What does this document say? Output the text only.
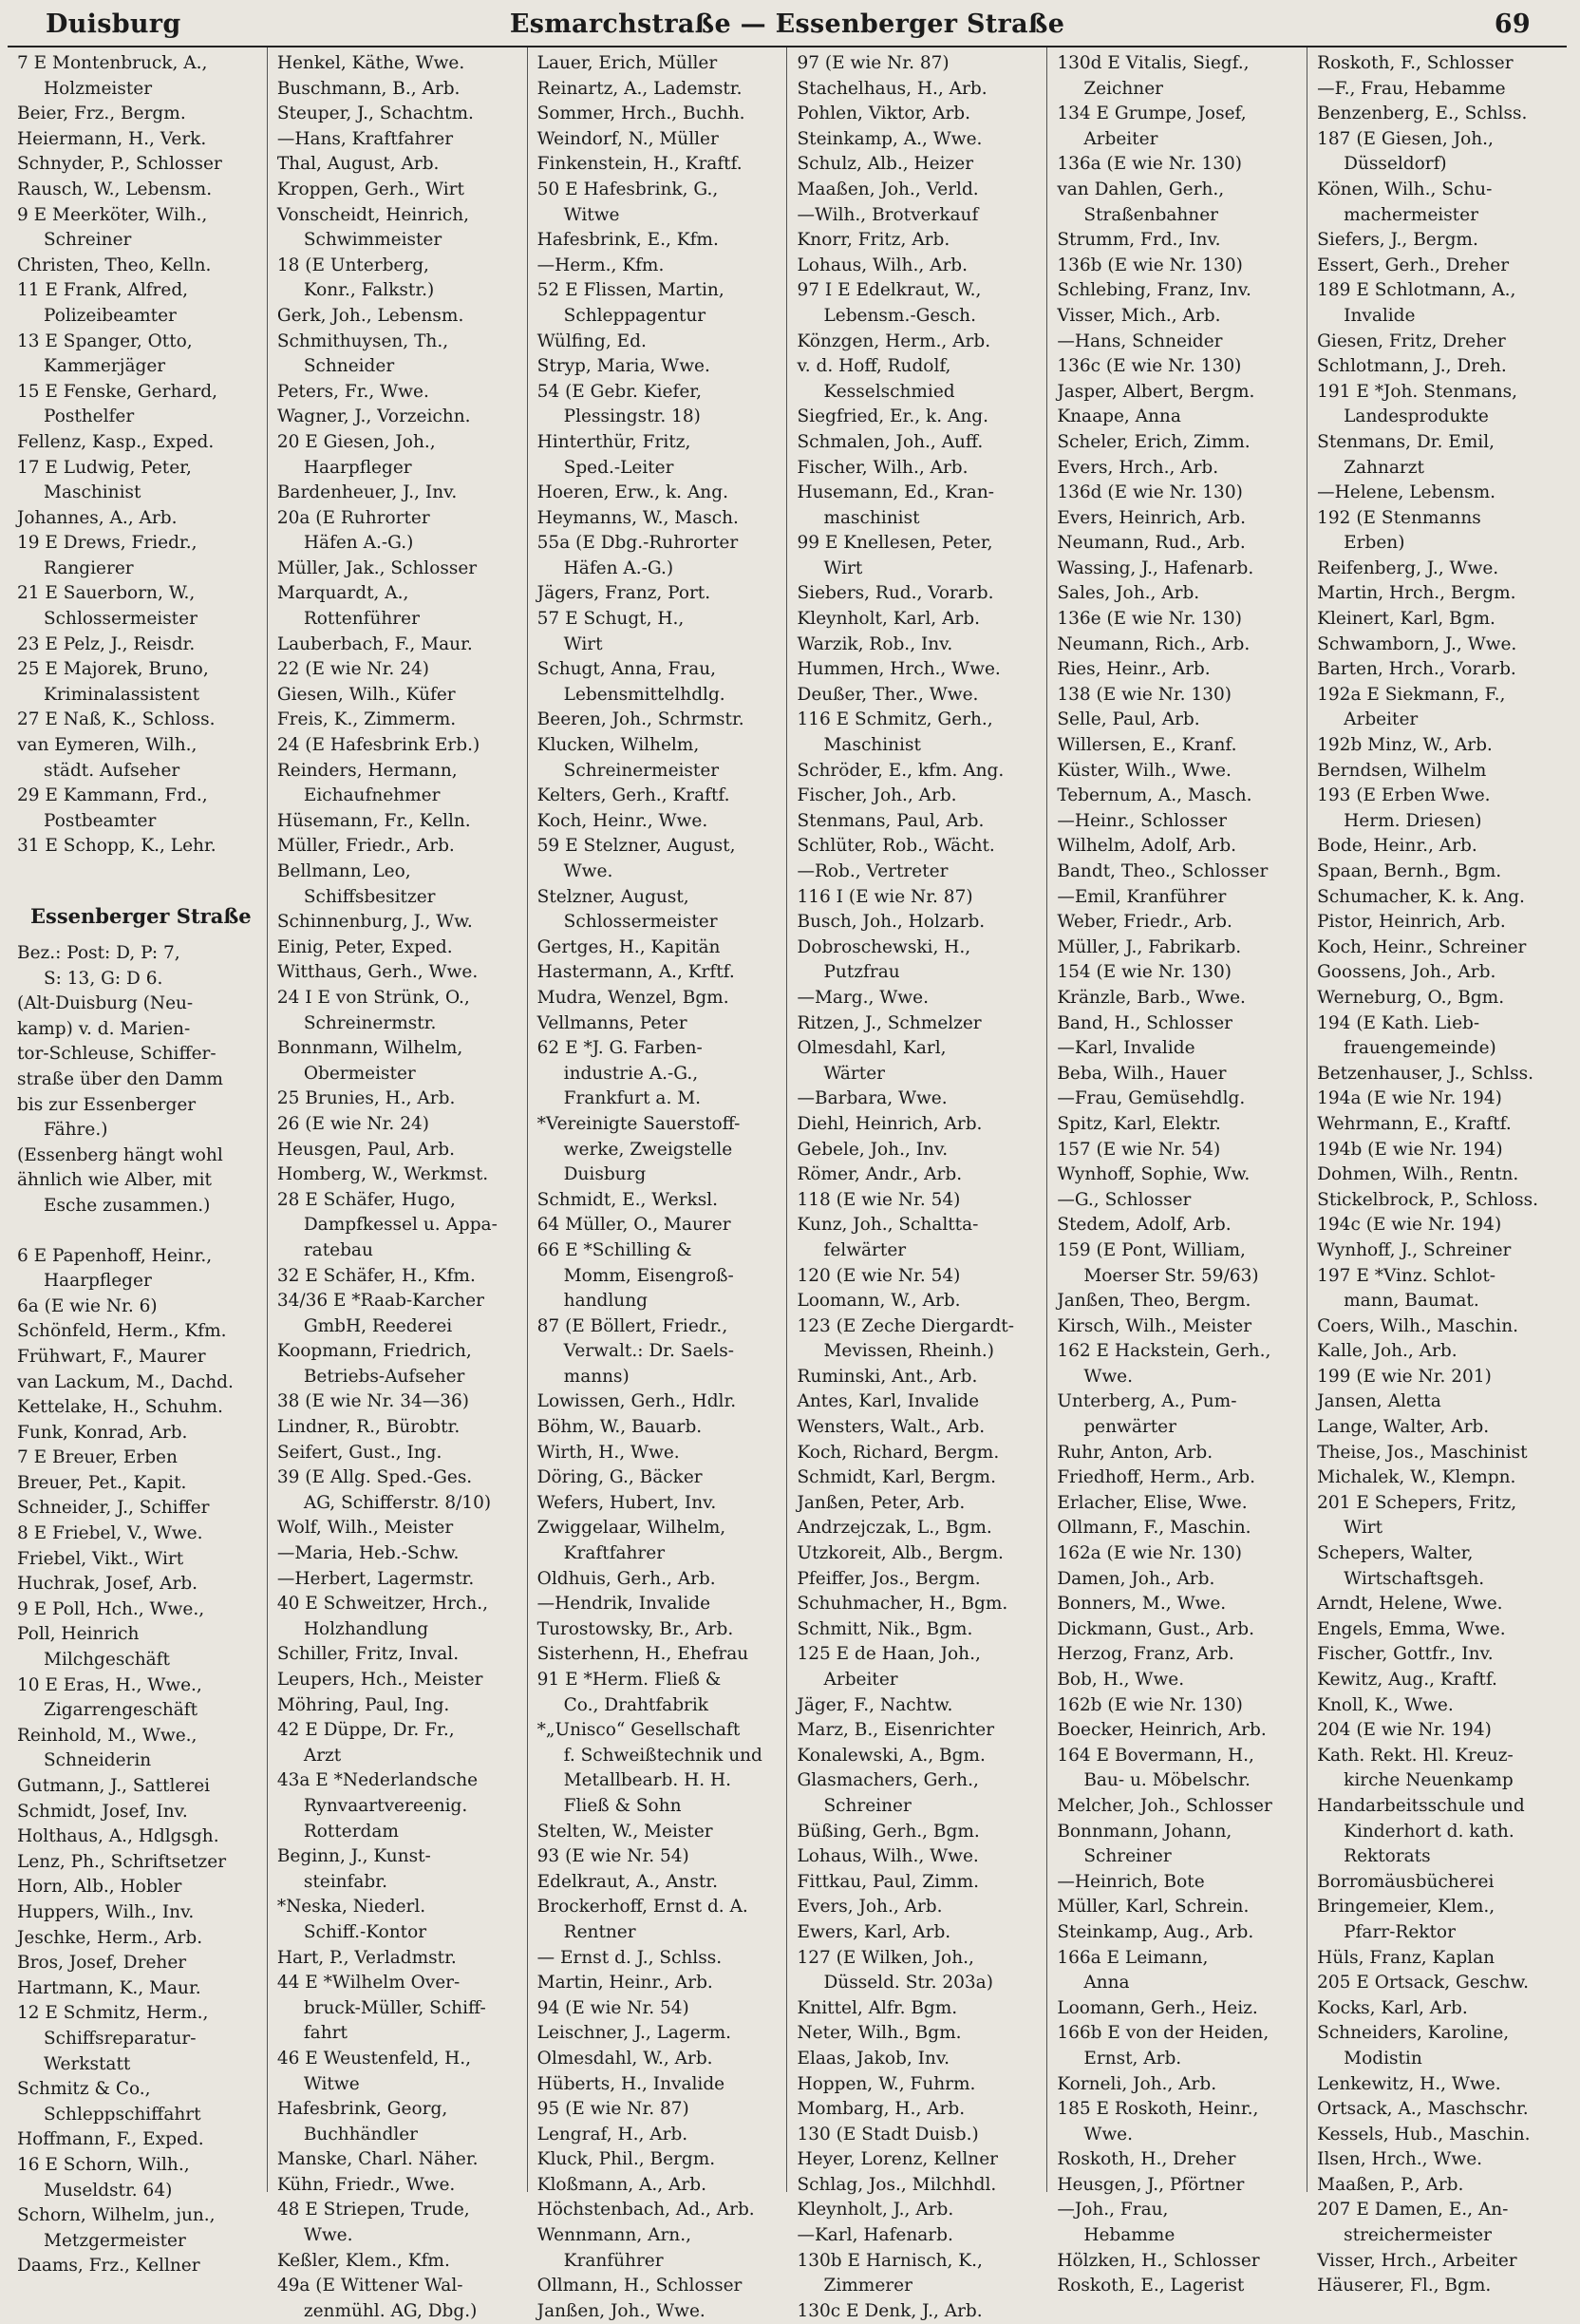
Duisburg	Esmarchstraße — Essenberger Straße	69
7 E Montenbruck, A.,
Holzmeister
Beier, Frz., Bergm.
Heiermann, H., Verk.
Schnyder, P., Schlosser
Rausch, W., Lebensm.
9 E Meerköter, Wilh.,
Schreiner
Christen, Theo, Kelln.
11 E Frank, Alfred,
Polizeibeamter
13 E Spanger, Otto,
Kammerjäger
15 E Fenske, Gerhard,
Posthelfer
Fellenz, Kasp., Exped.
17 E Ludwig, Peter,
Maschinist
Johannes, A., Arb.
19 E Drews, Friedr.,
Rangierer
21 E Sauerborn, W.,
Schlossermeister
23 E Pelz, J., Reisdr.
25 E Majorek, Bruno,
Kriminalassistent
27 E Naß, K., Schloss.
van Eymeren, Wilh.,
städt. Aufseher
29 E Kammann, Frd.,
Postbeamter
31 E Schopp, K., Lehr.
Essenberger Straße
Bez.: Post: D, P: 7,
S: 13, G: D 6.
(Alt-Duisburg (Neu-
kamp) v. d. Marien-
tor-Schleuse, Schiffer-
straße über den Damm
bis zur Essenberger
Fähre.)
(Essenberg hängt wohl
ähnlich wie Alber, mit
Esche zusammen.)
6 E Papenhoff, Heinr.,
Haarpfleger
6a (E wie Nr. 6)
Schönfeld, Herm., Kfm.
Frühwart, F., Maurer
van Lackum, M., Dachd.
Kettelake, H., Schuhm.
Funk, Konrad, Arb.
7 E Breuer, Erben
Breuer, Pet., Kapit.
Schneider, J., Schiffer
8 E Friebel, V., Wwe.
Friebel, Vikt., Wirt
Huchrak, Josef, Arb.
9 E Poll, Hch., Wwe.,
Poll, Heinrich
Milchgeschäft
10 E Eras, H., Wwe.,
Zigarrengeschäft
Reinhold, M., Wwe.,
Schneiderin
Gutmann, J., Sattlerei
Schmidt, Josef, Inv.
Holthaus, A., Hdlgsgh.
Lenz, Ph., Schriftsetzer
Horn, Alb., Hobler
Huppers, Wilh., Inv.
Jeschke, Herm., Arb.
Bros, Josef, Dreher
Hartmann, K., Maur.
12 E Schmitz, Herm.,
Schiffsreparatur-
Werkstatt
Schmitz & Co.,
Schleppschiffahrt
Hoffmann, F., Exped.
16 E Schorn, Wilh.,
Museldstr. 64)
Schorn, Wilhelm, jun.,
Metzgermeister
Daams, Frz., Kellner
Henkel, Käthe, Wwe.
Buschmann, B., Arb.
Steuper, J., Schachtm.
—Hans, Kraftfahrer
Thal, August, Arb.
Kroppen, Gerh., Wirt
Vonscheidt, Heinrich,
Schwimmeister
18 (E Unterberg,
Konr., Falkstr.)
Gerk, Joh., Lebensm.
Schmithuysen, Th.,
Schneider
Peters, Fr., Wwe.
Wagner, J., Vorzeichn.
20 E Giesen, Joh.,
Haarpfleger
Bardenheuer, J., Inv.
20a (E Ruhrorter
Häfen A.-G.)
Müller, Jak., Schlosser
Marquardt, A.,
Rottenführer
Lauberbach, F., Maur.
22 (E wie Nr. 24)
Giesen, Wilh., Küfer
Freis, K., Zimmerm.
24 (E Hafesbrink Erb.)
Reinders, Hermann,
Eichaufnehmer
Hüsemann, Fr., Kelln.
Müller, Friedr., Arb.
Bellmann, Leo,
Schiffsbesitzer
Schinnenburg, J., Ww.
Einig, Peter, Exped.
Witthaus, Gerh., Wwe.
24 I E von Strünk, O.,
Schreinermstr.
Bonnmann, Wilhelm,
Obermeister
25 Brunies, H., Arb.
26 (E wie Nr. 24)
Heusgen, Paul, Arb.
Homberg, W., Werkmst.
28 E Schäfer, Hugo,
Dampfkessel u. Appa-
ratebau
32 E Schäfer, H., Kfm.
34/36 E *Raab-Karcher
GmbH, Reederei
Koopmann, Friedrich,
Betriebs-Aufseher
38 (E wie Nr. 34—36)
Lindner, R., Bürobtr.
Seifert, Gust., Ing.
39 (E Allg. Sped.-Ges.
AG, Schifferstr. 8/10)
Wolf, Wilh., Meister
—Maria, Heb.-Schw.
—Herbert, Lagermstr.
40 E Schweitzer, Hrch.,
Holzhandlung
Schiller, Fritz, Inval.
Leupers, Hch., Meister
Möhring, Paul, Ing.
42 E Düppe, Dr. Fr.,
Arzt
43a E *Nederlandsche
Rynvaartvereenig.
Rotterdam
Beginn, J., Kunst-
steinfabr.
*Neska, Niederl.
Schiff.-Kontor
Hart, P., Verladmstr.
44 E *Wilhelm Over-
bruck-Müller, Schiff-
fahrt
46 E Weustenfeld, H.,
Witwe
Hafesbrink, Georg,
Buchhändler
Manske, Charl. Näher.
Kühn, Friedr., Wwe.
48 E Striepen, Trude,
Wwe.
Keßler, Klem., Kfm.
49a (E Wittener Wal-
zenmühl. AG, Dbg.)
Lauer, Erich, Müller
Reinartz, A., Lademstr.
Sommer, Hrch., Buchh.
Weindorf, N., Müller
Finkenstein, H., Kraftf.
50 E Hafesbrink, G.,
Witwe
Hafesbrink, E., Kfm.
—Herm., Kfm.
52 E Flissen, Martin,
Schleppagentur
Wülfing, Ed.
Stryp, Maria, Wwe.
54 (E Gebr. Kiefer,
Plessingstr. 18)
Hinterthür, Fritz,
Sped.-Leiter
Hoeren, Erw., k. Ang.
Heymanns, W., Masch.
55a (E Dbg.-Ruhrorter
Häfen A.-G.)
Jägers, Franz, Port.
57 E Schugt, H.,
Wirt
Schugt, Anna, Frau,
Lebensmittelhdlg.
Beeren, Joh., Schrmstr.
Klucken, Wilhelm,
Schreinermeister
Kelters, Gerh., Kraftf.
Koch, Heinr., Wwe.
59 E Stelzner, August,
Wwe.
Stelzner, August,
Schlossermeister
Gertges, H., Kapitän
Hastermann, A., Krftf.
Mudra, Wenzel, Bgm.
Vellmanns, Peter
62 E *J. G. Farben-
industrie A.-G.,
Frankfurt a. M.
*Vereinigte Sauerstoff-
werke, Zweigstelle
Duisburg
Schmidt, E., Werksl.
64 Müller, O., Maurer
66 E *Schilling &
Momm, Eisengroß-
handlung
87 (E Böllert, Friedr.,
Verwalt.: Dr. Saels-
manns)
Lowissen, Gerh., Hdlr.
Böhm, W., Bauarb.
Wirth, H., Wwe.
Döring, G., Bäcker
Wefers, Hubert, Inv.
Zwiggelaar, Wilhelm,
Kraftfahrer
Oldhuis, Gerh., Arb.
—Hendrik, Invalide
Turostowsky, Br., Arb.
Sisterhenn, H., Ehefrau
91 E *Herm. Fließ &
Co., Drahtfabrik
*„Unisco“ Gesellschaft
f. Schweißtechnik und
Metallbearb. H. H.
Fließ & Sohn
Stelten, W., Meister
93 (E wie Nr. 54)
Edelkraut, A., Anstr.
Brockerhoff, Ernst d. A.
Rentner
— Ernst d. J., Schlss.
Martin, Heinr., Arb.
94 (E wie Nr. 54)
Leischner, J., Lagerm.
Olmesdahl, W., Arb.
Hüberts, H., Invalide
95 (E wie Nr. 87)
Lengraf, H., Arb.
Kluck, Phil., Bergm.
Kloßmann, A., Arb.
Höchstenbach, Ad., Arb.
Wennmann, Arn.,
Kranführer
Ollmann, H., Schlosser
Janßen, Joh., Wwe.
97 (E wie Nr. 87)
Stachelhaus, H., Arb.
Pohlen, Viktor, Arb.
Steinkamp, A., Wwe.
Schulz, Alb., Heizer
Maaßen, Joh., Verld.
—Wilh., Brotverkauf
Knorr, Fritz, Arb.
Lohaus, Wilh., Arb.
97 I E Edelkraut, W.,
Lebensm.-Gesch.
Könzgen, Herm., Arb.
v. d. Hoff, Rudolf,
Kesselschmied
Siegfried, Er., k. Ang.
Schmalen, Joh., Auff.
Fischer, Wilh., Arb.
Husemann, Ed., Kran-
maschinist
99 E Knellesen, Peter,
Wirt
Siebers, Rud., Vorarb.
Kleynholt, Karl, Arb.
Warzik, Rob., Inv.
Hummen, Hrch., Wwe.
Deußer, Ther., Wwe.
116 E Schmitz, Gerh.,
Maschinist
Schröder, E., kfm. Ang.
Fischer, Joh., Arb.
Stenmans, Paul, Arb.
Schlüter, Rob., Wächt.
—Rob., Vertreter
116 I (E wie Nr. 87)
Busch, Joh., Holzarb.
Dobroschewski, H.,
Putzfrau
—Marg., Wwe.
Ritzen, J., Schmelzer
Olmesdahl, Karl,
Wärter
—Barbara, Wwe.
Diehl, Heinrich, Arb.
Gebele, Joh., Inv.
Römer, Andr., Arb.
118 (E wie Nr. 54)
Kunz, Joh., Schaltta-
felwärter
120 (E wie Nr. 54)
Loomann, W., Arb.
123 (E Zeche Diergardt-
Mevissen, Rheinh.)
Ruminski, Ant., Arb.
Antes, Karl, Invalide
Wensters, Walt., Arb.
Koch, Richard, Bergm.
Schmidt, Karl, Bergm.
Janßen, Peter, Arb.
Andrzejczak, L., Bgm.
Utzkoreit, Alb., Bergm.
Pfeiffer, Jos., Bergm.
Schuhmacher, H., Bgm.
Schmitt, Nik., Bgm.
125 E de Haan, Joh.,
Arbeiter
Jäger, F., Nachtw.
Marz, B., Eisenrichter
Konalewski, A., Bgm.
Glasmachers, Gerh.,
Schreiner
Büßing, Gerh., Bgm.
Lohaus, Wilh., Wwe.
Fittkau, Paul, Zimm.
Evers, Joh., Arb.
Ewers, Karl, Arb.
127 (E Wilken, Joh.,
Düsseld. Str. 203a)
Knittel, Alfr. Bgm.
Neter, Wilh., Bgm.
Elaas, Jakob, Inv.
Hoppen, W., Fuhrm.
Mombarg, H., Arb.
130 (E Stadt Duisb.)
Heyer, Lorenz, Kellner
Schlag, Jos., Milchhdl.
Kleynholt, J., Arb.
—Karl, Hafenarb.
130b E Harnisch, K.,
Zimmerer
130c E Denk, J., Arb.
130d E Vitalis, Siegf.,
Zeichner
134 E Grumpe, Josef,
Arbeiter
136a (E wie Nr. 130)
van Dahlen, Gerh.,
Straßenbahner
Strumm, Frd., Inv.
136b (E wie Nr. 130)
Schlebing, Franz, Inv.
Visser, Mich., Arb.
—Hans, Schneider
136c (E wie Nr. 130)
Jasper, Albert, Bergm.
Knaape, Anna
Scheler, Erich, Zimm.
Evers, Hrch., Arb.
136d (E wie Nr. 130)
Evers, Heinrich, Arb.
Neumann, Rud., Arb.
Wassing, J., Hafenarb.
Sales, Joh., Arb.
136e (E wie Nr. 130)
Neumann, Rich., Arb.
Ries, Heinr., Arb.
138 (E wie Nr. 130)
Selle, Paul, Arb.
Willersen, E., Kranf.
Küster, Wilh., Wwe.
Tebernum, A., Masch.
—Heinr., Schlosser
Wilhelm, Adolf, Arb.
Bandt, Theo., Schlosser
—Emil, Kranführer
Weber, Friedr., Arb.
Müller, J., Fabrikarb.
154 (E wie Nr. 130)
Kränzle, Barb., Wwe.
Band, H., Schlosser
—Karl, Invalide
Beba, Wilh., Hauer
—Frau, Gemüsehdlg.
Spitz, Karl, Elektr.
157 (E wie Nr. 54)
Wynhoff, Sophie, Ww.
—G., Schlosser
Stedem, Adolf, Arb.
159 (E Pont, William,
Moerser Str. 59/63)
Janßen, Theo, Bergm.
Kirsch, Wilh., Meister
162 E Hackstein, Gerh.,
Wwe.
Unterberg, A., Pum-
penwärter
Ruhr, Anton, Arb.
Friedhoff, Herm., Arb.
Erlacher, Elise, Wwe.
Ollmann, F., Maschin.
162a (E wie Nr. 130)
Damen, Joh., Arb.
Bonners, M., Wwe.
Dickmann, Gust., Arb.
Herzog, Franz, Arb.
Bob, H., Wwe.
162b (E wie Nr. 130)
Boecker, Heinrich, Arb.
164 E Bovermann, H.,
Bau- u. Möbelschr.
Melcher, Joh., Schlosser
Bonnmann, Johann,
Schreiner
—Heinrich, Bote
Müller, Karl, Schrein.
Steinkamp, Aug., Arb.
166a E Leimann,
Anna
Loomann, Gerh., Heiz.
166b E von der Heiden,
Ernst, Arb.
Korneli, Joh., Arb.
185 E Roskoth, Heinr.,
Wwe.
Roskoth, H., Dreher
Heusgen, J., Pförtner
—Joh., Frau,
Hebamme
Hölzken, H., Schlosser
Roskoth, E., Lagerist
Roskoth, F., Schlosser
—F., Frau, Hebamme
Benzenberg, E., Schlss.
187 (E Giesen, Joh.,
Düsseldorf)
Könen, Wilh., Schu-
machermeister
Siefers, J., Bergm.
Essert, Gerh., Dreher
189 E Schlotmann, A.,
Invalide
Giesen, Fritz, Dreher
Schlotmann, J., Dreh.
191 E *Joh. Stenmans,
Landesprodukte
Stenmans, Dr. Emil,
Zahnarzt
—Helene, Lebensm.
192 (E Stenmanns
Erben)
Reifenberg, J., Wwe.
Martin, Hrch., Bergm.
Kleinert, Karl, Bgm.
Schwamborn, J., Wwe.
Barten, Hrch., Vorarb.
192a E Siekmann, F.,
Arbeiter
192b Minz, W., Arb.
Berndsen, Wilhelm
193 (E Erben Wwe.
Herm. Driesen)
Bode, Heinr., Arb.
Spaan, Bernh., Bgm.
Schumacher, K. k. Ang.
Pistor, Heinrich, Arb.
Koch, Heinr., Schreiner
Goossens, Joh., Arb.
Werneburg, O., Bgm.
194 (E Kath. Lieb-
frauengemeinde)
Betzenhauser, J., Schlss.
194a (E wie Nr. 194)
Wehrmann, E., Kraftf.
194b (E wie Nr. 194)
Dohmen, Wilh., Rentn.
Stickelbrock, P., Schloss.
194c (E wie Nr. 194)
Wynhoff, J., Schreiner
197 E *Vinz. Schlot-
mann, Baumat.
Coers, Wilh., Maschin.
Kalle, Joh., Arb.
199 (E wie Nr. 201)
Jansen, Aletta
Lange, Walter, Arb.
Theise, Jos., Maschinist
Michalek, W., Klempn.
201 E Schepers, Fritz,
Wirt
Schepers, Walter,
Wirtschaftsgeh.
Arndt, Helene, Wwe.
Engels, Emma, Wwe.
Fischer, Gottfr., Inv.
Kewitz, Aug., Kraftf.
Knoll, K., Wwe.
204 (E wie Nr. 194)
Kath. Rekt. Hl. Kreuz-
kirche Neuenkamp
Handarbeitsschule und
Kinderhort d. kath.
Rektorats
Borromäusbücherei
Bringemeier, Klem.,
Pfarr-Rektor
Hüls, Franz, Kaplan
205 E Ortsack, Geschw.
Kocks, Karl, Arb.
Schneiders, Karoline,
Modistin
Lenkewitz, H., Wwe.
Ortsack, A., Maschschr.
Kessels, Hub., Maschin.
Ilsen, Hrch., Wwe.
Maaßen, P., Arb.
207 E Damen, E., An-
streichermeister
Visser, Hrch., Arbeiter
Häuserer, Fl., Bgm.
